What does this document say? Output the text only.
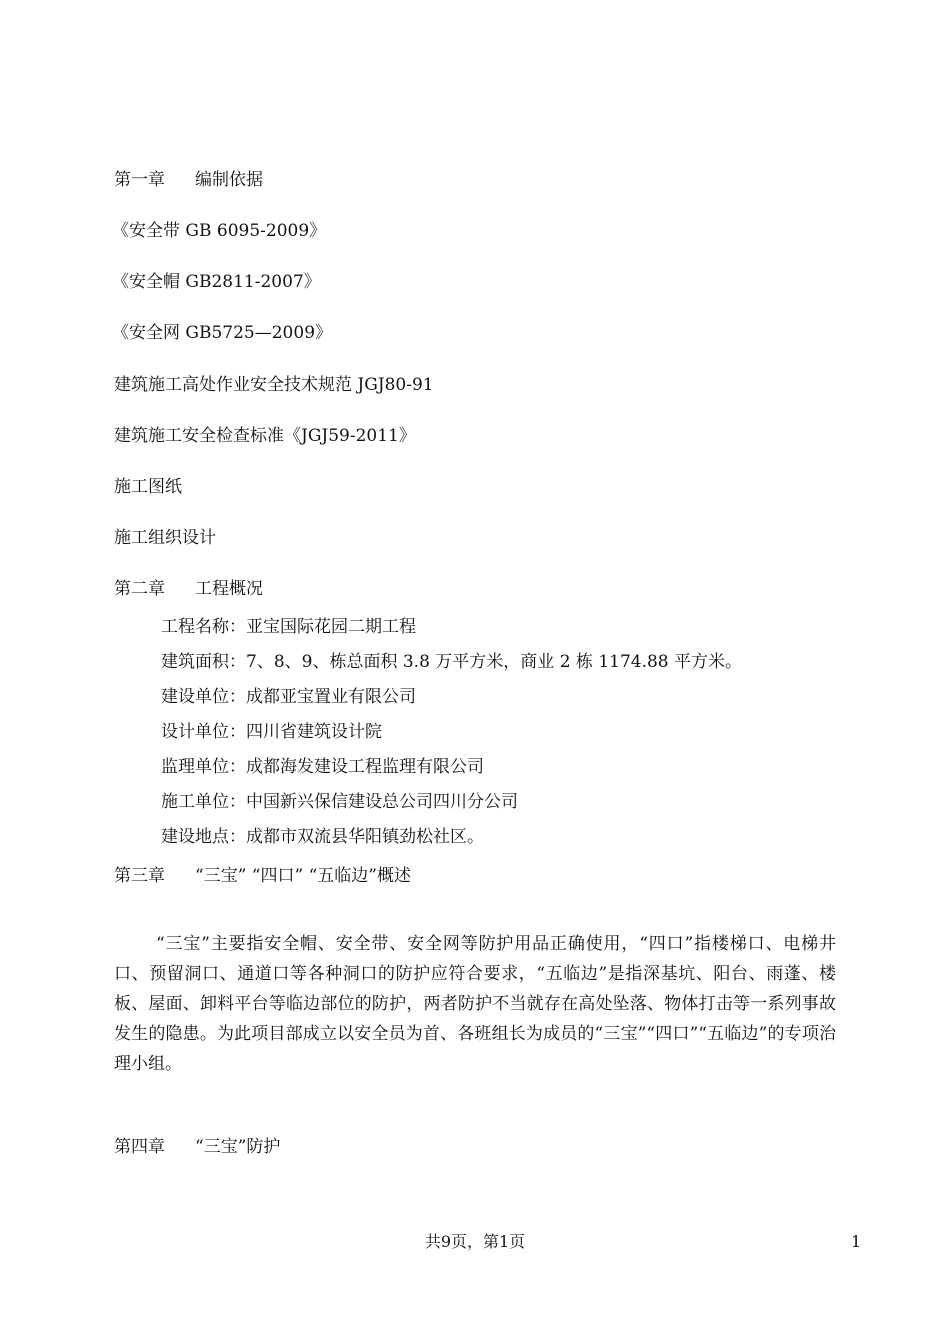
第一章 编制依据
《安全带 GB 6095-2009》
《安全帽 GB2811-2007》
《安全网 GB5725—2009》
建筑施工高处作业安全技术规范 JGJ80-91
建筑施工安全检查标准《JGJ59-2011》
施工图纸
施工组织设计
第二章 工程概况
工程名称：亚宝国际花园二期工程
建筑面积：7、8、9、栋总面积 3.8 万平方米，商业 2 栋 1174.88 平方米。
建设单位：成都亚宝置业有限公司
设计单位：四川省建筑设计院
监理单位：成都海发建设工程监理有限公司
施工单位：中国新兴保信建设总公司四川分公司
建设地点：成都市双流县华阳镇劲松社区。
第三章 “三宝” “四口” “五临边”概述

“三宝”主要指安全帽、安全带、安全网等防护用品正确使用，“四口”指楼梯口、电梯井口、预留洞口、通道口等各种洞口的防护应符合要求，“五临边”是指深基坑、阳台、雨蓬、楼板、屋面、卸料平台等临边部位的防护，两者防护不当就存在高处坠落、物体打击等一系列事故发生的隐患。为此项目部成立以安全员为首、各班组长为成员的“三宝”“四口”“五临边”的专项治理小组。

第四章 “三宝”防护
共9页，第1页	1
